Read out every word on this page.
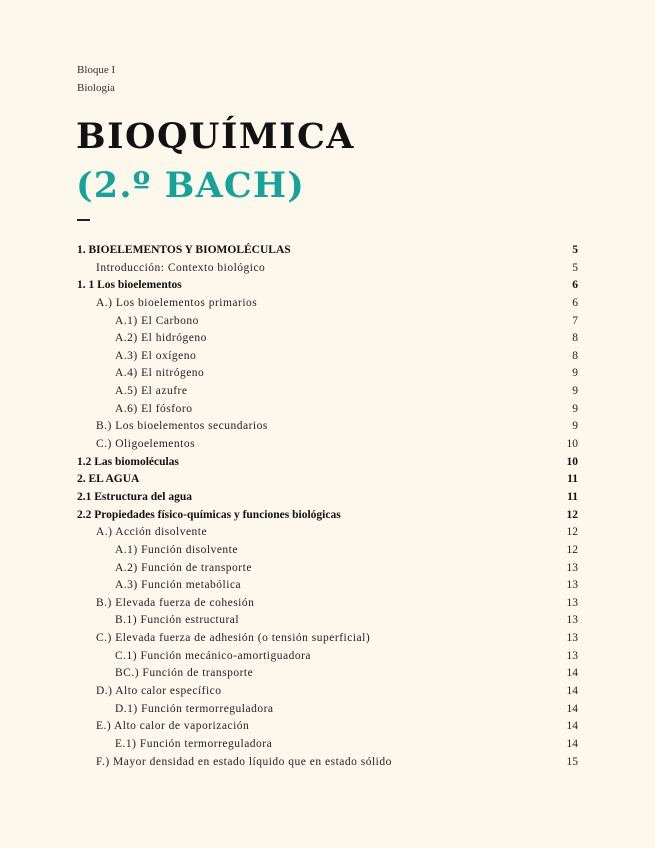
Bloque I
Biología
BIOQUÍMICA
(2.º BACH)
1. BIOELEMENTOS Y BIOMOLÉCULAS	5
Introducción: Contexto biológico	5
1. 1 Los bioelementos	6
A.) Los bioelementos primarios	6
A.1) El Carbono	7
A.2) El hidrógeno	8
A.3) El oxígeno	8
A.4) El nitrógeno	9
A.5) El azufre	9
A.6) El fósforo	9
B.) Los bioelementos secundarios	9
C.) Oligoelementos	10
1.2 Las biomoléculas	10
2. EL AGUA	11
2.1 Estructura del agua	11
2.2 Propiedades físico-químicas y funciones biológicas	12
A.) Acción disolvente	12
A.1) Función disolvente	12
A.2) Función de transporte	13
A.3) Función metabólica	13
B.) Elevada fuerza de cohesión	13
B.1) Función estructural	13
C.) Elevada fuerza de adhesión (o tensión superficial)	13
C.1) Función mecánico-amortiguadora	13
BC.) Función de transporte	14
D.) Alto calor específico	14
D.1) Función termorreguladora	14
E.) Alto calor de vaporización	14
E.1) Función termorreguladora	14
F.) Mayor densidad en estado líquido que en estado sólido	15
